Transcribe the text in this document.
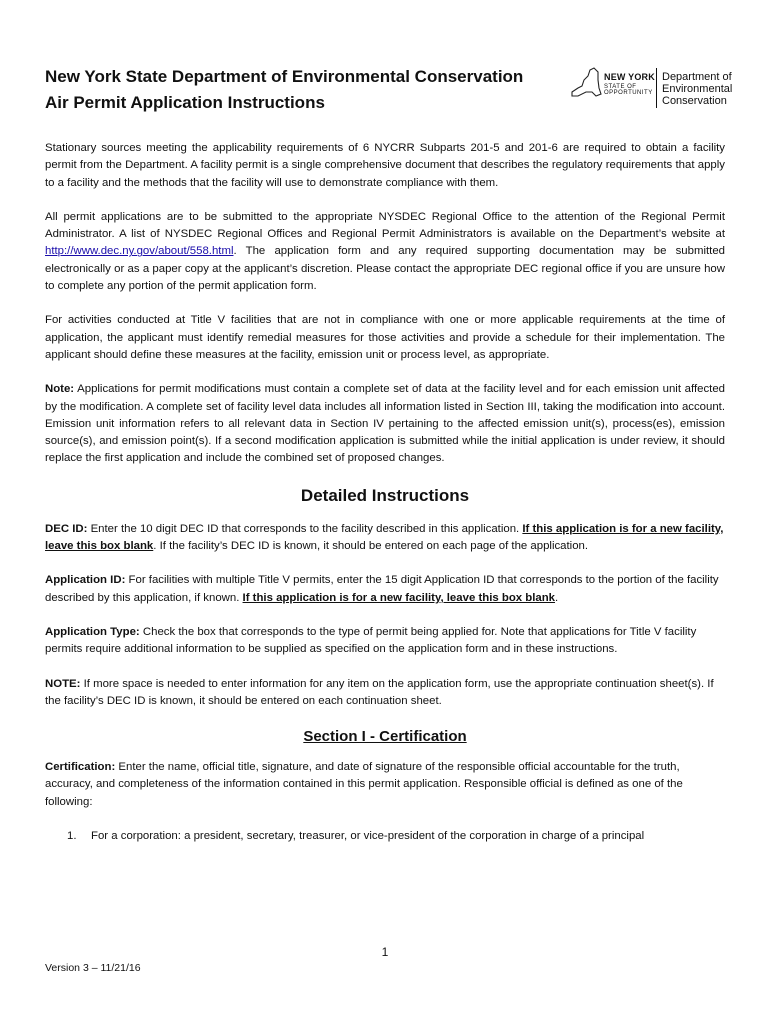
New York State Department of Environmental Conservation
Air Permit Application Instructions
NEW YORK
STATE OF OPPORTUNITY
Department of
Environmental
Conservation

Stationary sources meeting the applicability requirements of 6 NYCRR Subparts 201-5 and 201-6 are required to obtain a facility permit from the Department. A facility permit is a single comprehensive document that describes the regulatory requirements that apply to a facility and the methods that the facility will use to demonstrate compliance with them.

All permit applications are to be submitted to the appropriate NYSDEC Regional Office to the attention of the Regional Permit Administrator. A list of NYSDEC Regional Offices and Regional Permit Administrators is available on the Department’s website at http://www.dec.ny.gov/about/558.html. The application form and any required supporting documentation may be submitted electronically or as a paper copy at the applicant’s discretion. Please contact the appropriate DEC regional office if you are unsure how to complete any portion of the permit application form.

For activities conducted at Title V facilities that are not in compliance with one or more applicable requirements at the time of application, the applicant must identify remedial measures for those activities and provide a schedule for their implementation. The applicant should define these measures at the facility, emission unit or process level, as appropriate.

Note: Applications for permit modifications must contain a complete set of data at the facility level and for each emission unit affected by the modification. A complete set of facility level data includes all information listed in Section III, taking the modification into account. Emission unit information refers to all relevant data in Section IV pertaining to the affected emission unit(s), process(es), emission source(s), and emission point(s). If a second modification application is submitted while the initial application is under review, it should replace the first application and include the combined set of proposed changes.

Detailed Instructions

DEC ID: Enter the 10 digit DEC ID that corresponds to the facility described in this application. If this application is for a new facility, leave this box blank. If the facility’s DEC ID is known, it should be entered on each page of the application.

Application ID: For facilities with multiple Title V permits, enter the 15 digit Application ID that corresponds to the portion of the facility described by this application, if known. If this application is for a new facility, leave this box blank.

Application Type: Check the box that corresponds to the type of permit being applied for. Note that applications for Title V facility permits require additional information to be supplied as specified on the application form and in these instructions.

NOTE: If more space is needed to enter information for any item on the application form, use the appropriate continuation sheet(s). If the facility’s DEC ID is known, it should be entered on each continuation sheet.

Section I - Certification

Certification: Enter the name, official title, signature, and date of signature of the responsible official accountable for the truth, accuracy, and completeness of the information contained in this permit application. Responsible official is defined as one of the following:

1.	For a corporation: a president, secretary, treasurer, or vice-president of the corporation in charge of a principal
1
Version 3 – 11/21/16
